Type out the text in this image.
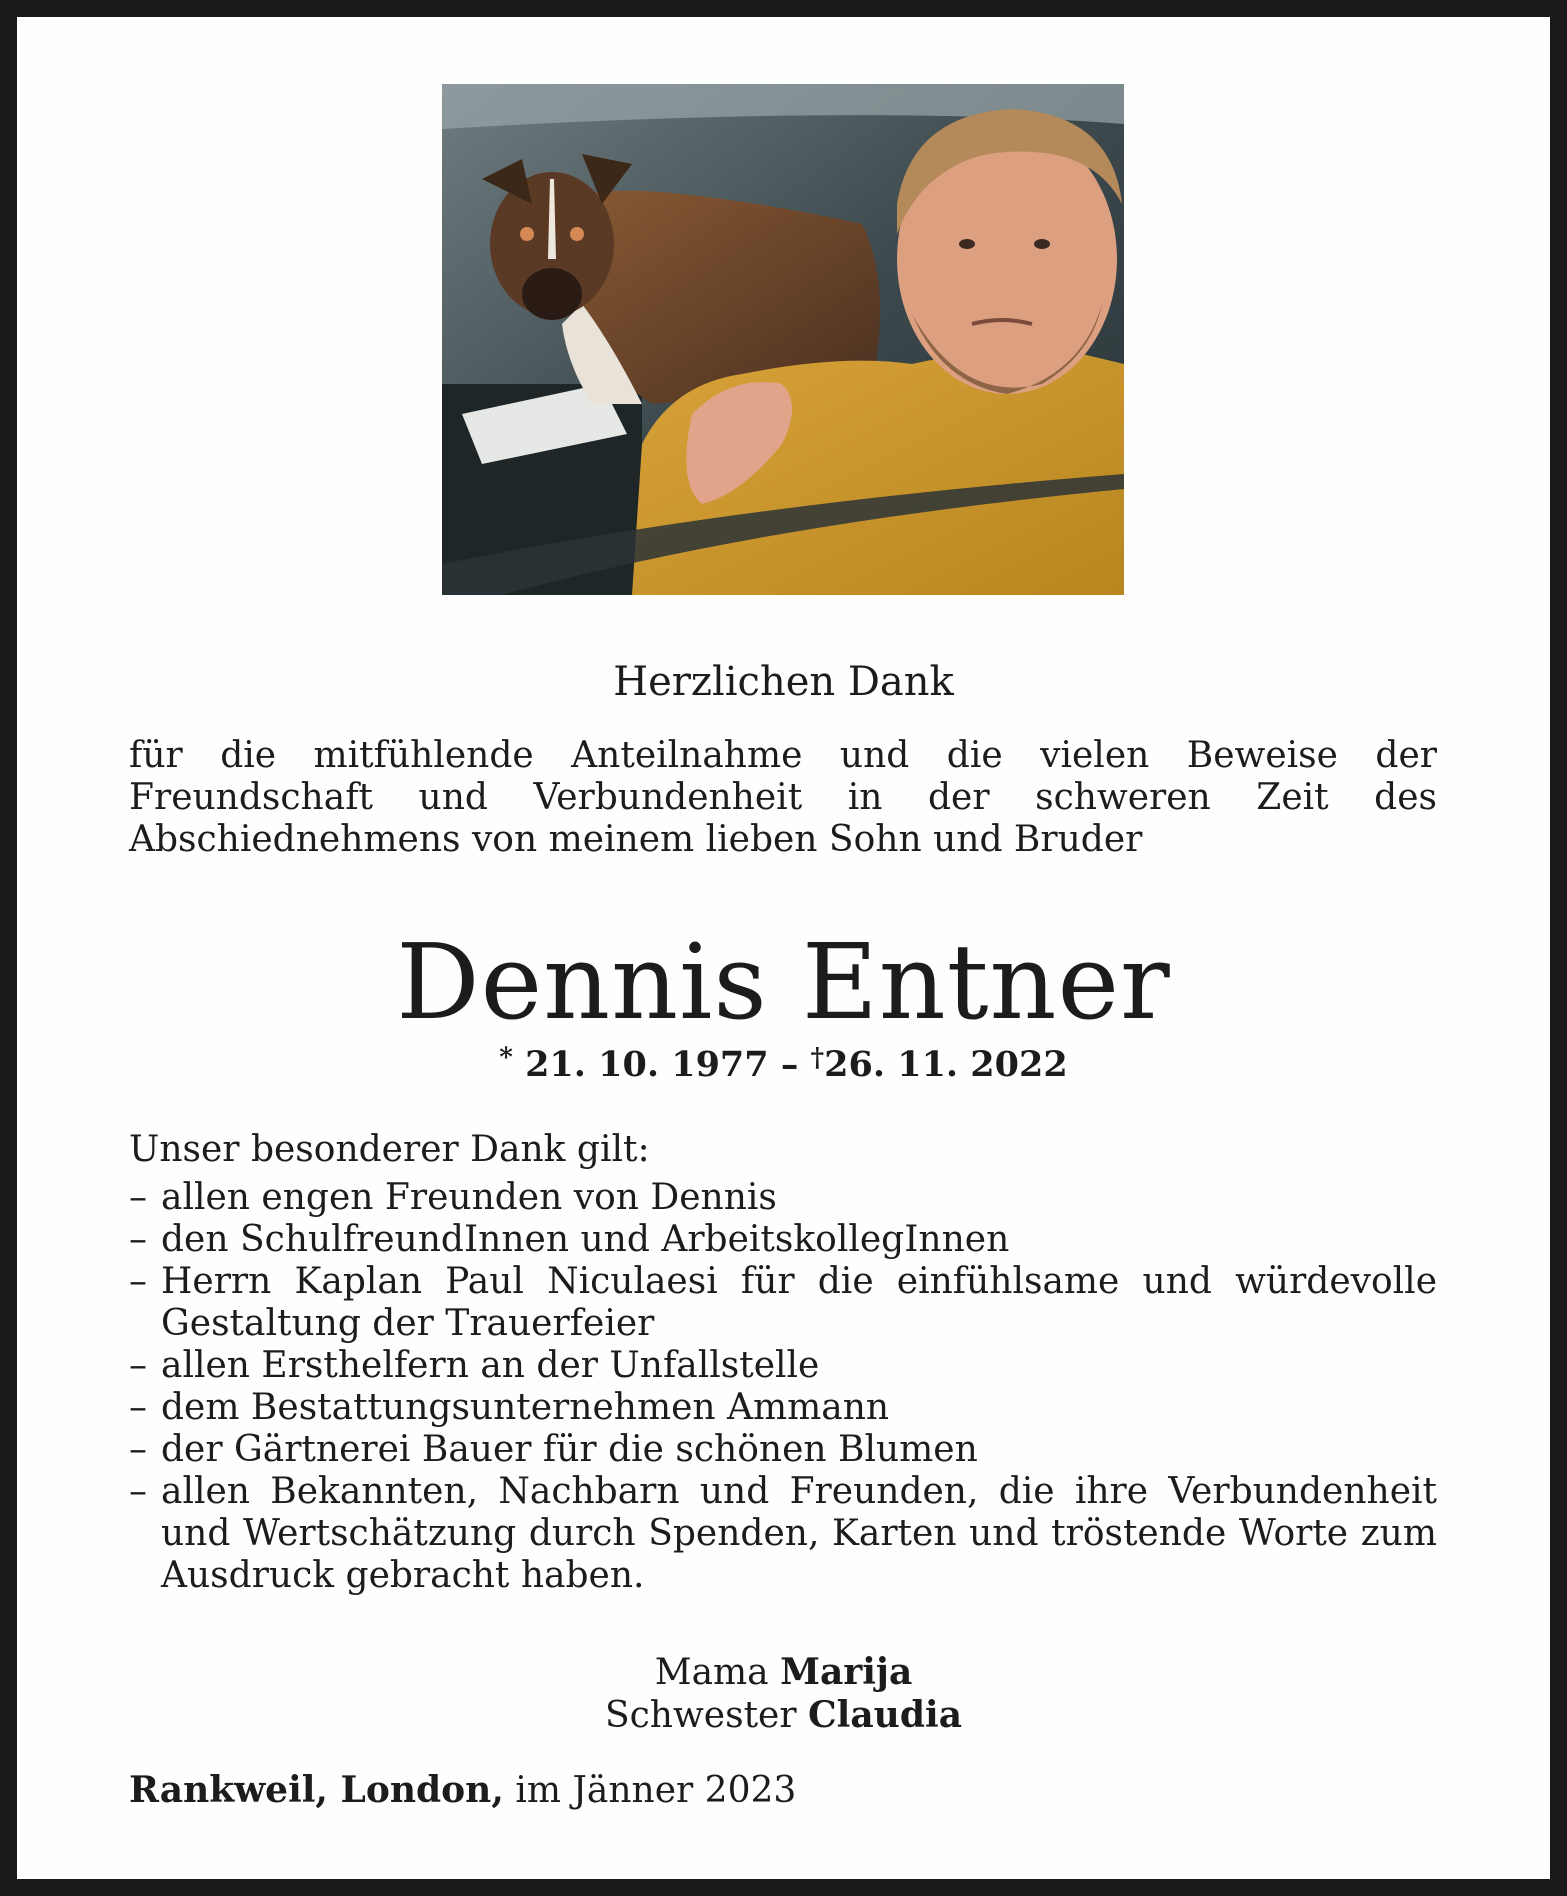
Herzlichen Dank

für die mitfühlende Anteilnahme und die vielen Beweise der Freundschaft und Verbundenheit in der schweren Zeit des Abschiednehmens von meinem lieben Sohn und Bruder

Dennis Entner
* 21. 10. 1977 – †26. 11. 2022
Unser besonderer Dank gilt:
– allen engen Freunden von Dennis
– den SchulfreundInnen und ArbeitskollegInnen
– Herrn Kaplan Paul Niculaesi für die einfühlsame und würdevolle Gestaltung der Trauerfeier
– allen Ersthelfern an der Unfallstelle
– dem Bestattungsunternehmen Ammann
– der Gärtnerei Bauer für die schönen Blumen
– allen Bekannten, Nachbarn und Freunden, die ihre Verbundenheit und Wertschätzung durch Spenden, Karten und tröstende Worte zum Ausdruck gebracht haben.
Mama Marija
Schwester Claudia
Rankweil, London, im Jänner 2023
